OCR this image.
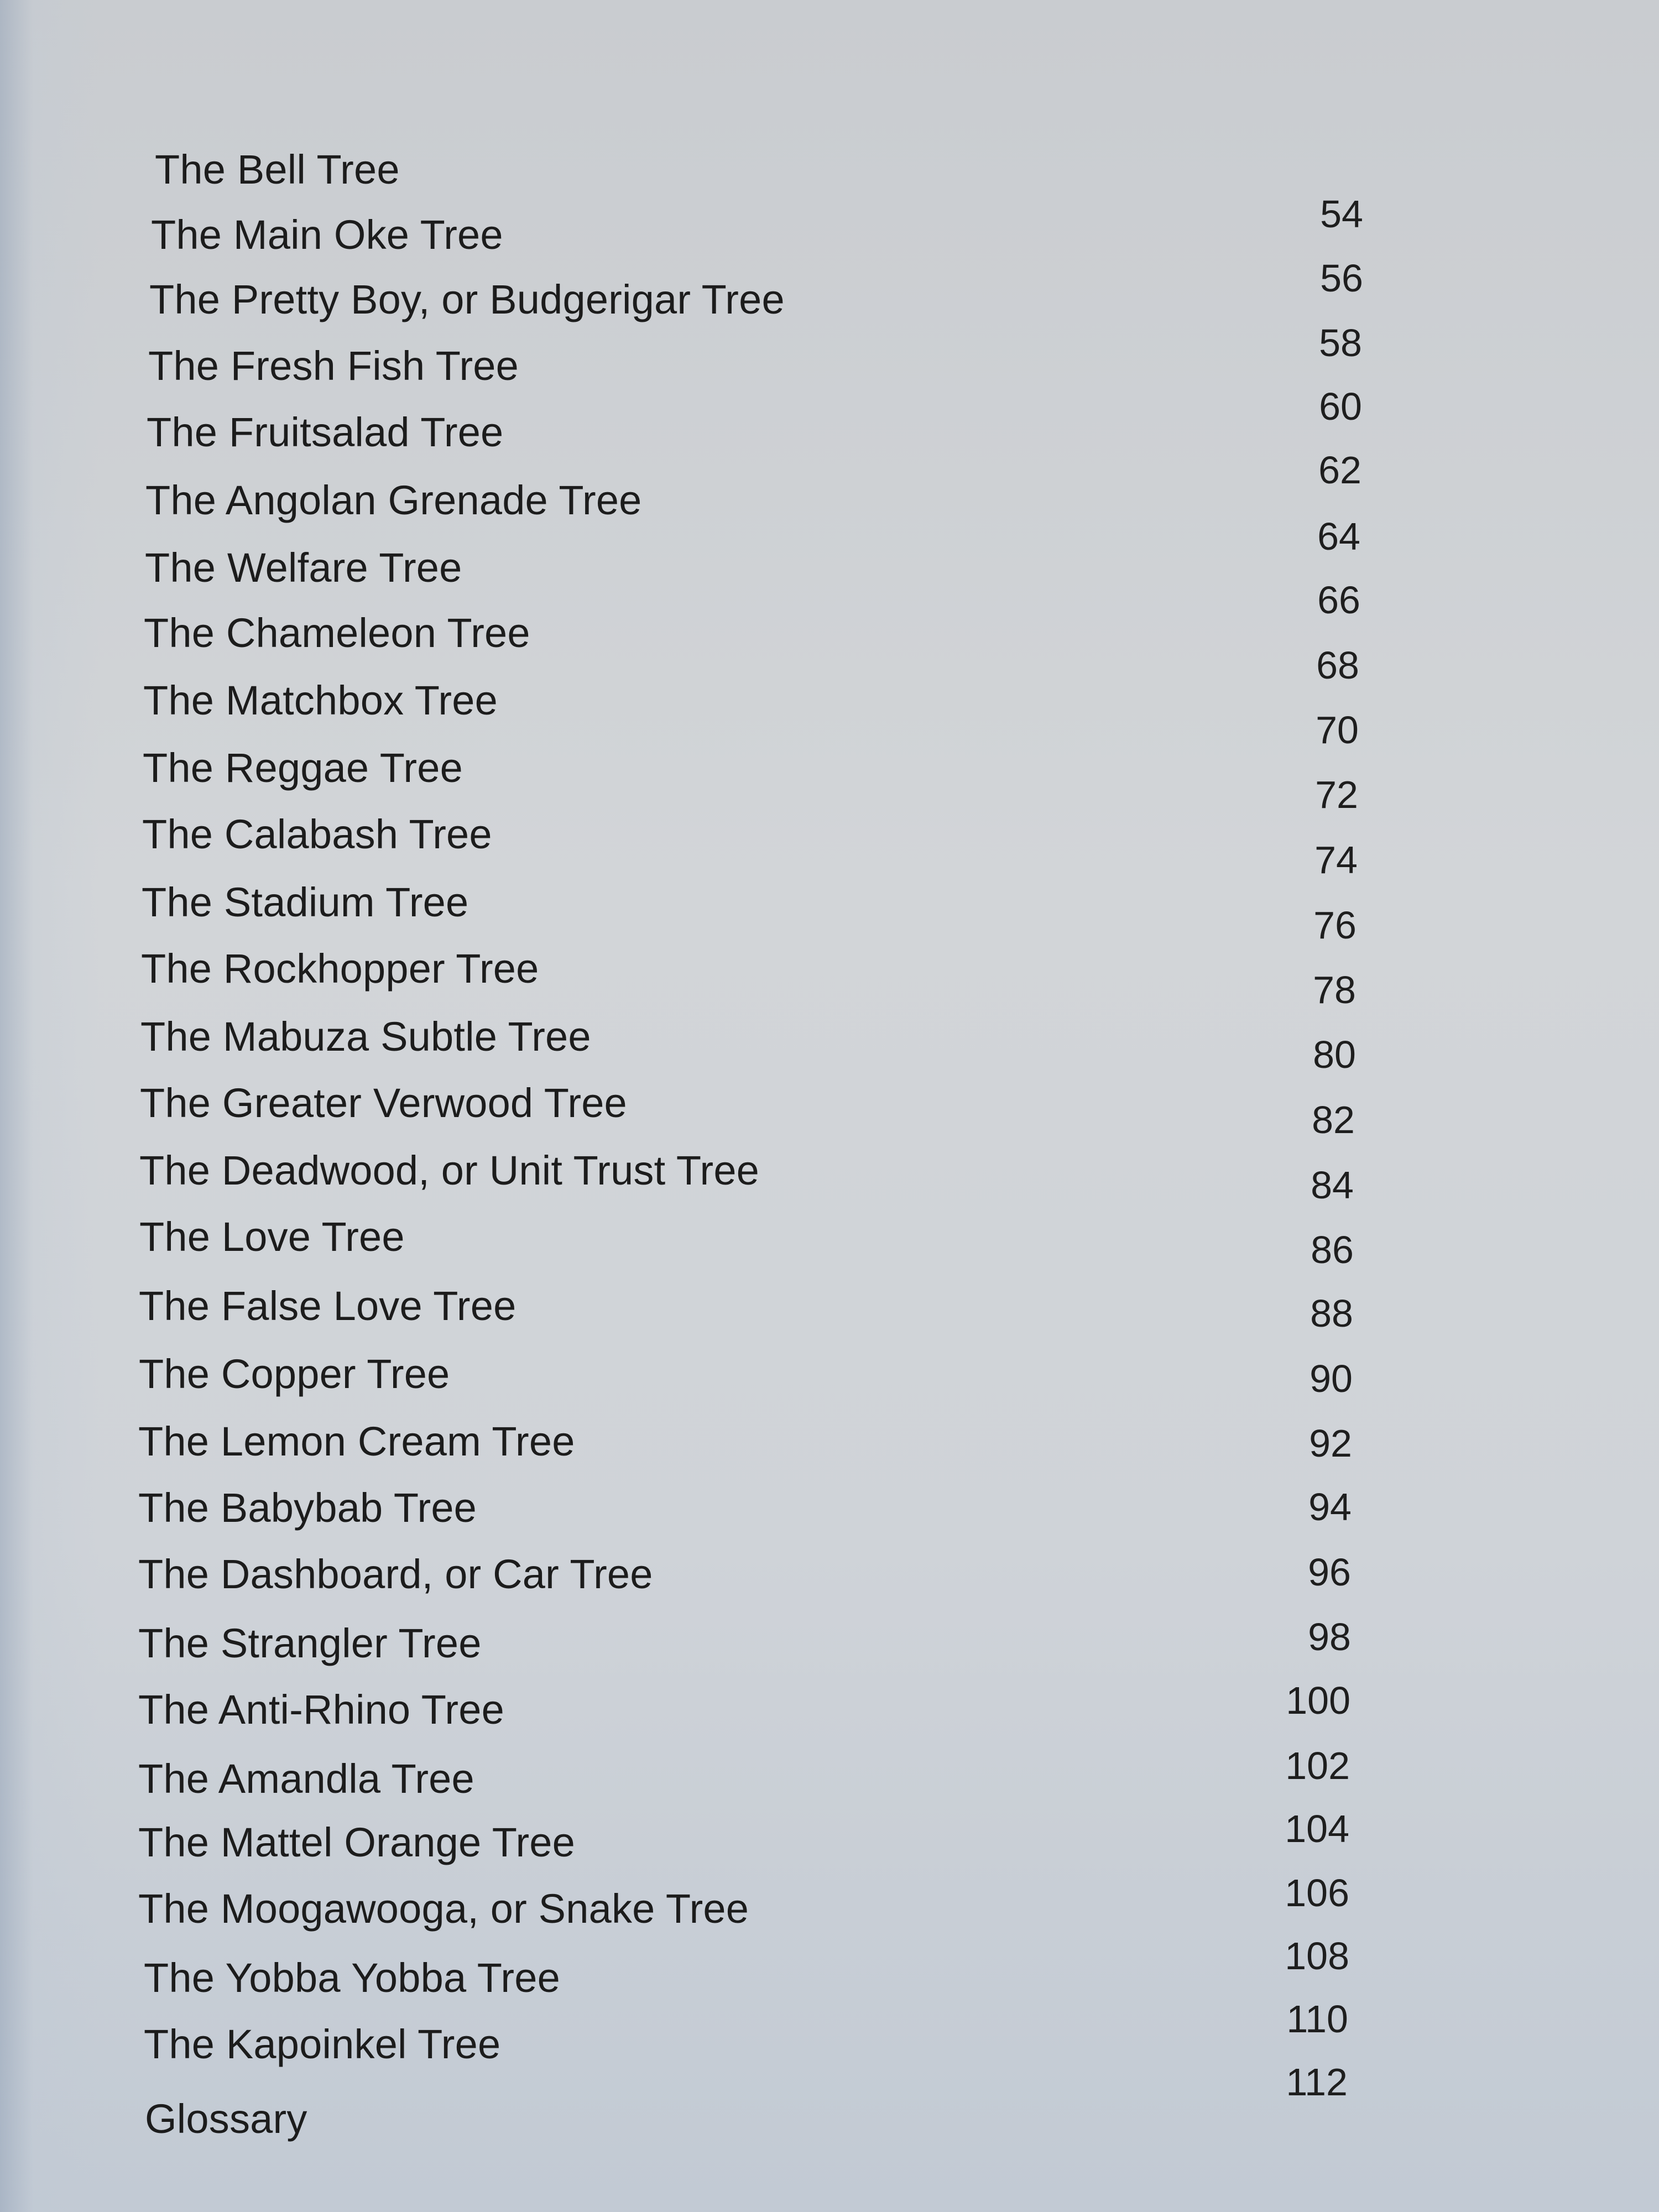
The Bell Tree
The Main Oke Tree
The Pretty Boy, or Budgerigar Tree
The Fresh Fish Tree
The Fruitsalad Tree
The Angolan Grenade Tree
The Welfare Tree
The Chameleon Tree
The Matchbox Tree
The Reggae Tree
The Calabash Tree
The Stadium Tree
The Rockhopper Tree
The Mabuza Subtle Tree
The Greater Verwood Tree
The Deadwood, or Unit Trust Tree
The Love Tree
The False Love Tree
The Copper Tree
The Lemon Cream Tree
The Babybab Tree
The Dashboard, or Car Tree
The Strangler Tree
The Anti-Rhino Tree
The Amandla Tree
The Mattel Orange Tree
The Moogawooga, or Snake Tree
The Yobba Yobba Tree
The Kapoinkel Tree
Glossary
54
56
58
60
62
64
66
68
70
72
74
76
78
80
82
84
86
88
90
92
94
96
98
100
102
104
106
108
110
112
